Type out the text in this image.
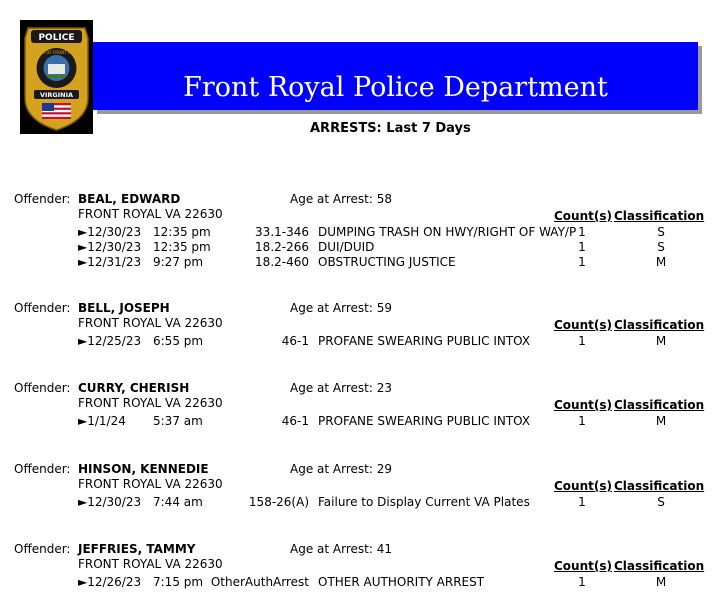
POLICE
TOWN OF FRONT ROYAL
VIRGINIA	Front Royal Police Department
ARRESTS: Last 7 Days
Offender: BEAL, EDWARD	Age at Arrest: 58
FRONT ROYAL VA 22630	Count(s) Classification
►12/30/23 12:35 pm	33.1-346 DUMPING TRASH ON HWY/RIGHT OF WAY/P 1	S
►12/30/23 12:35 pm	18.2-266 DUI/DUID	1	S
►12/31/23 9:27 pm	18.2-460 OBSTRUCTING JUSTICE	1	M
Offender: BELL, JOSEPH	Age at Arrest: 59
FRONT ROYAL VA 22630	Count(s) Classification
►12/25/23 6:55 pm	46-1 PROFANE SWEARING PUBLIC INTOX	1	M
Offender: CURRY, CHERISH	Age at Arrest: 23
FRONT ROYAL VA 22630	Count(s) Classification
►1/1/24 5:37 am	46-1 PROFANE SWEARING PUBLIC INTOX	1	M
Offender: HINSON, KENNEDIE	Age at Arrest: 29
FRONT ROYAL VA 22630	Count(s) Classification
►12/30/23 7:44 am	158-26(A) Failure to Display Current VA Plates	1	S
Offender: JEFFRIES, TAMMY	Age at Arrest: 41
FRONT ROYAL VA 22630	Count(s) Classification
►12/26/23 7:15 pm OtherAuthArrest OTHER AUTHORITY ARREST	1	M
